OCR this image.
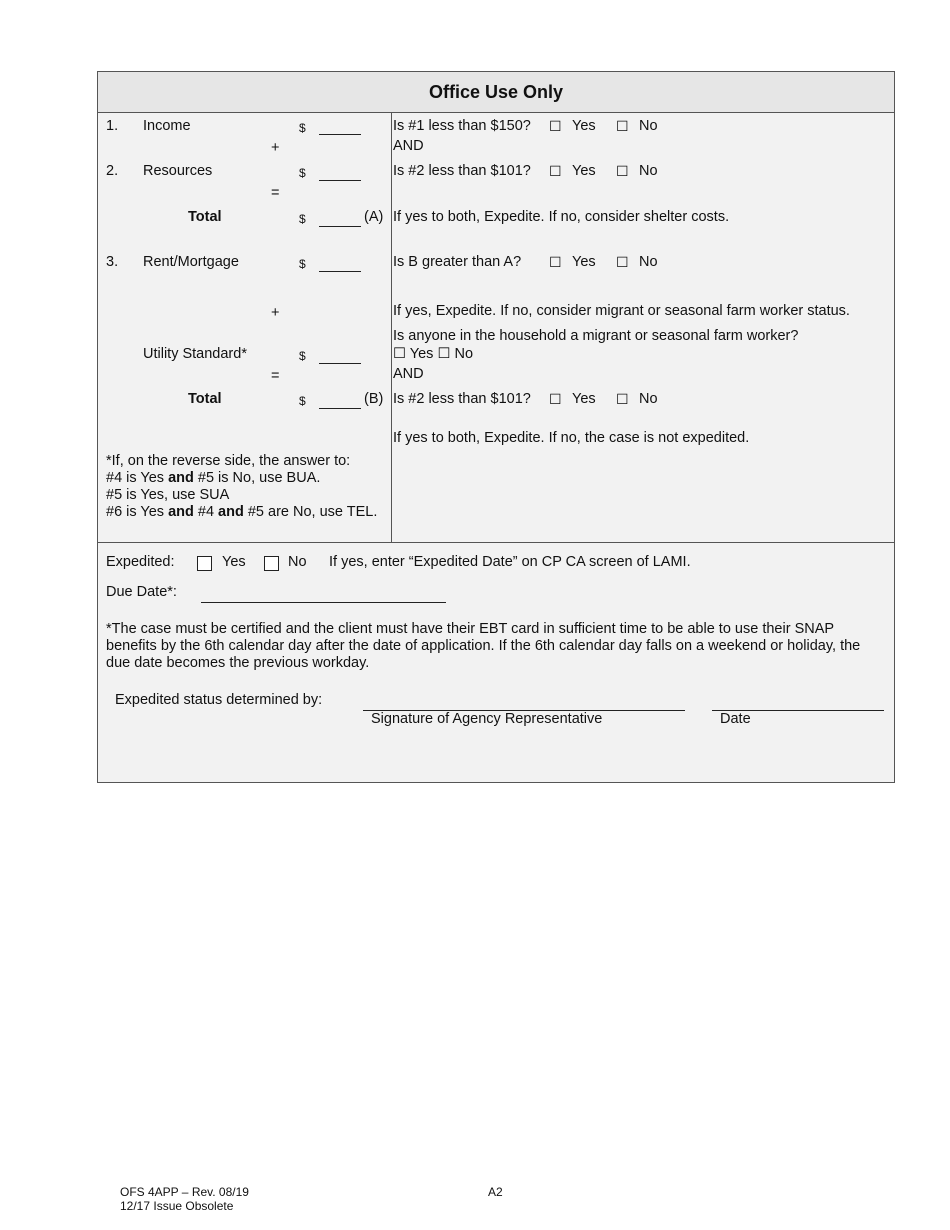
Office Use Only
1. Income	$	Is #1 less than $150? ☐ Yes ☐ No
+	AND
2. Resources	$	Is #2 less than $101? ☐ Yes ☐ No
=
Total	$	(A) If yes to both, Expedite. If no, consider shelter costs.
3. Rent/Mortgage	$	Is B greater than A? ☐ Yes ☐ No
+	If yes, Expedite. If no, consider migrant or seasonal farm worker status.
Is anyone in the household a migrant or seasonal farm worker?
Utility Standard*	$	☐ Yes ☐ No
=	AND
Total	$	(B) Is #2 less than $101? ☐ Yes ☐ No
If yes to both, Expedite. If no, the case is not expedited.
*If, on the reverse side, the answer to:
#4 is Yes and #5 is No, use BUA.
#5 is Yes, use SUA
#6 is Yes and #4 and #5 are No, use TEL.
Expedited:	Yes	No If yes, enter “Expedited Date” on CP CA screen of LAMI.
Due Date*:
*The case must be certified and the client must have their EBT card in sufficient time to be able to use their SNAP benefits by the 6th calendar day after the date of application. If the 6th calendar day falls on a weekend or holiday, the due date becomes the previous workday.
Expedited status determined by:
Signature of Agency Representative	Date
OFS 4APP – Rev. 08/19
12/17 Issue Obsolete
A2
